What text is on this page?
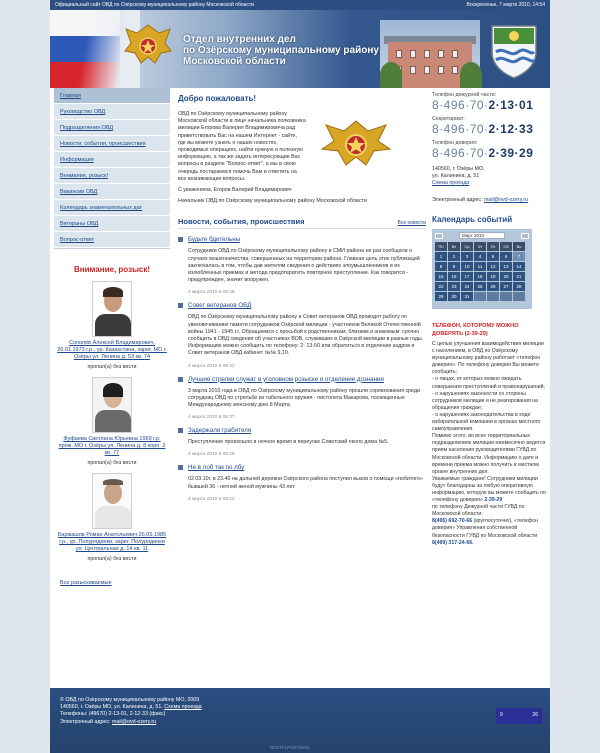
Официальный сайт ОВД по Озёрскому муниципальному району Московской области	Воскресенье, 7 марта 2010, 14:54
Отдел внутренних дел
по Озёрскому муниципальному району
Московской области
Главная
Руководство ОВД
Подразделения ОВД
Новости, события, происшествия
Информация
Внимание, розыск!
Вакансии ОВД
Календарь знаменательных дат
Ветераны ОВД
Вопрос-ответ
Внимание, розыск!
Сополёв Алексей Владимирович, 20.01.1973 г.р., ур. Казахстана, зарег. МО г. Озёры ул. Ленина д. 53 кв. 74
пропал(а) без вести
Фуфаева Светлана Юрьевна 1959 г.р. прож. МО г. Озёры ул. Ленина д. 8 корп. 2 кв. 77
пропал(а) без вести
Баржашов Роман Анатольевич 26.05.1985 г.р., ур. Полурядинки, зарег. Полурядинки ул. Центральная д. 14 кв. 11
пропал(а) без вести
Все разыскиваемые
Добро пожаловать!
ОВД по Озёрскому муниципальному району Московской области в лице начальника полковника милиции Егорова Валерия Владимировича рад приветствовать Вас на нашем Интернет - сайте, где вы можете узнать о наших новостях, проводимых операциях, найти нужную и полезную информацию, а так же задать интересующие Вас вопросы в разделе "Вопрос-ответ", а мы в свою очередь постараемся помочь Вам и ответить на все возникающие вопросы.
С уважением, Егоров Валерий Владимирович
Начальник ОВД по Озёрскому муниципальному району Московской области
Новости, события, происшествия	Все новости
Будьте бдительны
Сотрудники ОВД по Озёрскому муниципальному району в СМИ района не раз сообщали о случаях мошенничества, совершенных на территории района. Главная цель этих публикаций заключалась в том, чтобы дав жителям сведения о действиях злоумышленников и их излюбленных приемах и метода предотвратить повторное преступление. Как говорится - предупрежден, значит вооружен.
4 марта 2010 в 09:48
Совет ветеранов ОВД
ОВД по Озёрскому муниципальному району и Совет ветеранов ОВД проводят работу по увековечиванию памяти сотрудников Озёрской милиции - участников Великой Отечественной войны 1941 - 1945 г.г. Обращаемся с просьбой к родственникам, близким и знакомым: срочно сообщить в ОВД сведения об участниках ВОВ, служивших в Озёрской милиции в разные годы. Информацию можно сообщить по телефону: 2- 13-50 или обратиться в отделение кадров и Совет ветеранов ОВД кабинет №№ 9,10.
4 марта 2010 в 09:42
Лучшие стрелки служат в уголовном розыске и отделение дознания
3 марта 2010 года в ОВД по Озёрскому муниципальному району прошли соревнования среди сотрудниц ОВД по стрельбе из табельного оружия - пистолета Макарова, посвященные Международному женскому дню 8 Марта.
4 марта 2010 в 09:37
Задержали грабителя
Преступление произошло в ночное время в переулке Советский около дома №5.
4 марта 2010 в 09:28
Не в лоб так по лбу
02.03.10г. в 23.40 на дальней деревни Озёрского района поступил вызов о помощи «побитого» бывшей 36 - летней женой мужчины 43 лет.
4 марта 2010 в 09:22
Телефон дежурной части:
8·496·70·2·13·01
Секретариат:
8·496·70·2·12·33
Телефон доверия:
8·496·70·2·39·29
140560, г. Озёры МО,
ул. Калинина, д. 51
Схема проезда
Электронный адрес: mail@ovd-ozery.ru
Календарь событий
Март 2010
Пн	Вт	Ср	Чт	Пт	Сб	Вс
1	2	3	4	5	6	7
8	9	10	11	12	13	14
15	16	17	18	19	20	21
22	23	24	25	26	27	28
29	30	31
ТЕЛЕФОН, КОТОРОМУ МОЖНО ДОВЕРЯТЬ (2-39-29)
С целью улучшения взаимодействия милиции с населением, в ОВД по Озёрскому муниципальному району работает «телефон доверия». По телефону доверия Вы можете сообщить:
- о лицах, от которых можно ожидать совершения преступлений и правонарушений;
- о нарушениях законности со стороны сотрудников милиции и не реагирования на обращения граждан;
- о нарушениях законодательства в ходе избирательной компании в органах местного самоуправления.
Помимо этого, во всех территориальных подразделениях милиции ежемесячно ведется прием населения руководителями ГУВД по Московской области. Информацию о дате и времени приема можно получить в местном органе внутренних дел.
Уважаемые граждане! Сотрудники милиции будут благодарны за любую оперативную информацию, которую вы можете сообщить по «телефону доверия» 2-39-29
по телефону Дежурной части ГУВД по Московской области:
8(495) 692-70-66 (круглосуточно), «телефон доверия» Управления собственной безопасности ГУВД по Московской области 8(499) 317-24-66.
© ОВД по Озёрскому муниципальному району МО, 2009
140560, г. Озёры МО, ул. Калинина, д. 51. Схема проезда
Телефоны: (49670) 2-13-01, 2-12-33 (факс)
Электронный адрес: mail@ovd-ozery.ru
9	26
DIGITALPOSTMAN
